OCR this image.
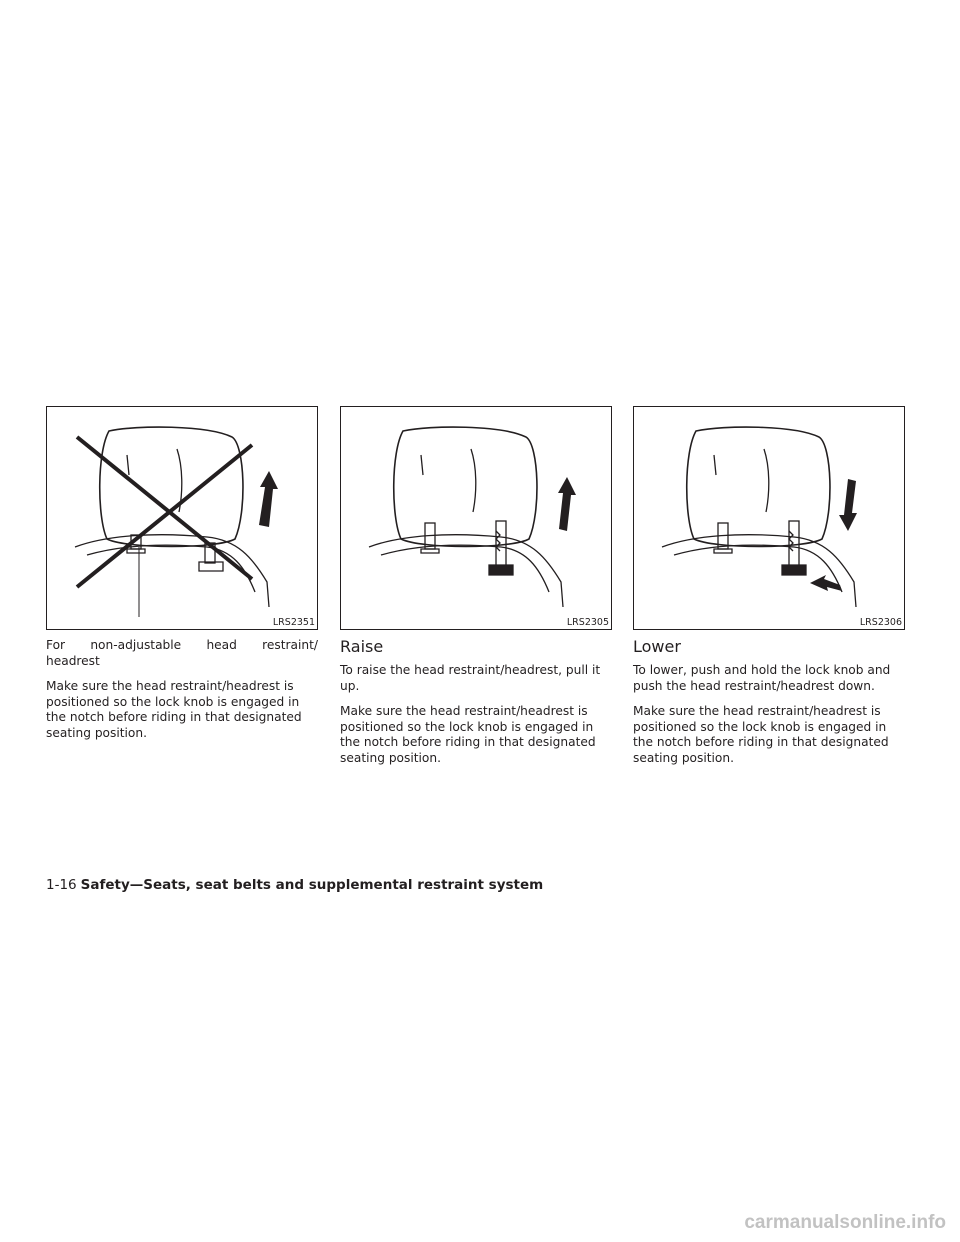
LRS2351

For non-adjustable head restraint/

headrest

Make sure the head restraint/headrest is positioned so the lock knob is engaged in the notch before riding in that designated seating position.

LRS2305
Raise

To raise the head restraint/headrest, pull it up.

Make sure the head restraint/headrest is positioned so the lock knob is engaged in the notch before riding in that designated seating position.

LRS2306
Lower

To lower, push and hold the lock knob and push the head restraint/headrest down.

Make sure the head restraint/headrest is positioned so the lock knob is engaged in the notch before riding in that designated seating position.

1-16 Safety—Seats, seat belts and supplemental restraint system
carmanualsonline.info
